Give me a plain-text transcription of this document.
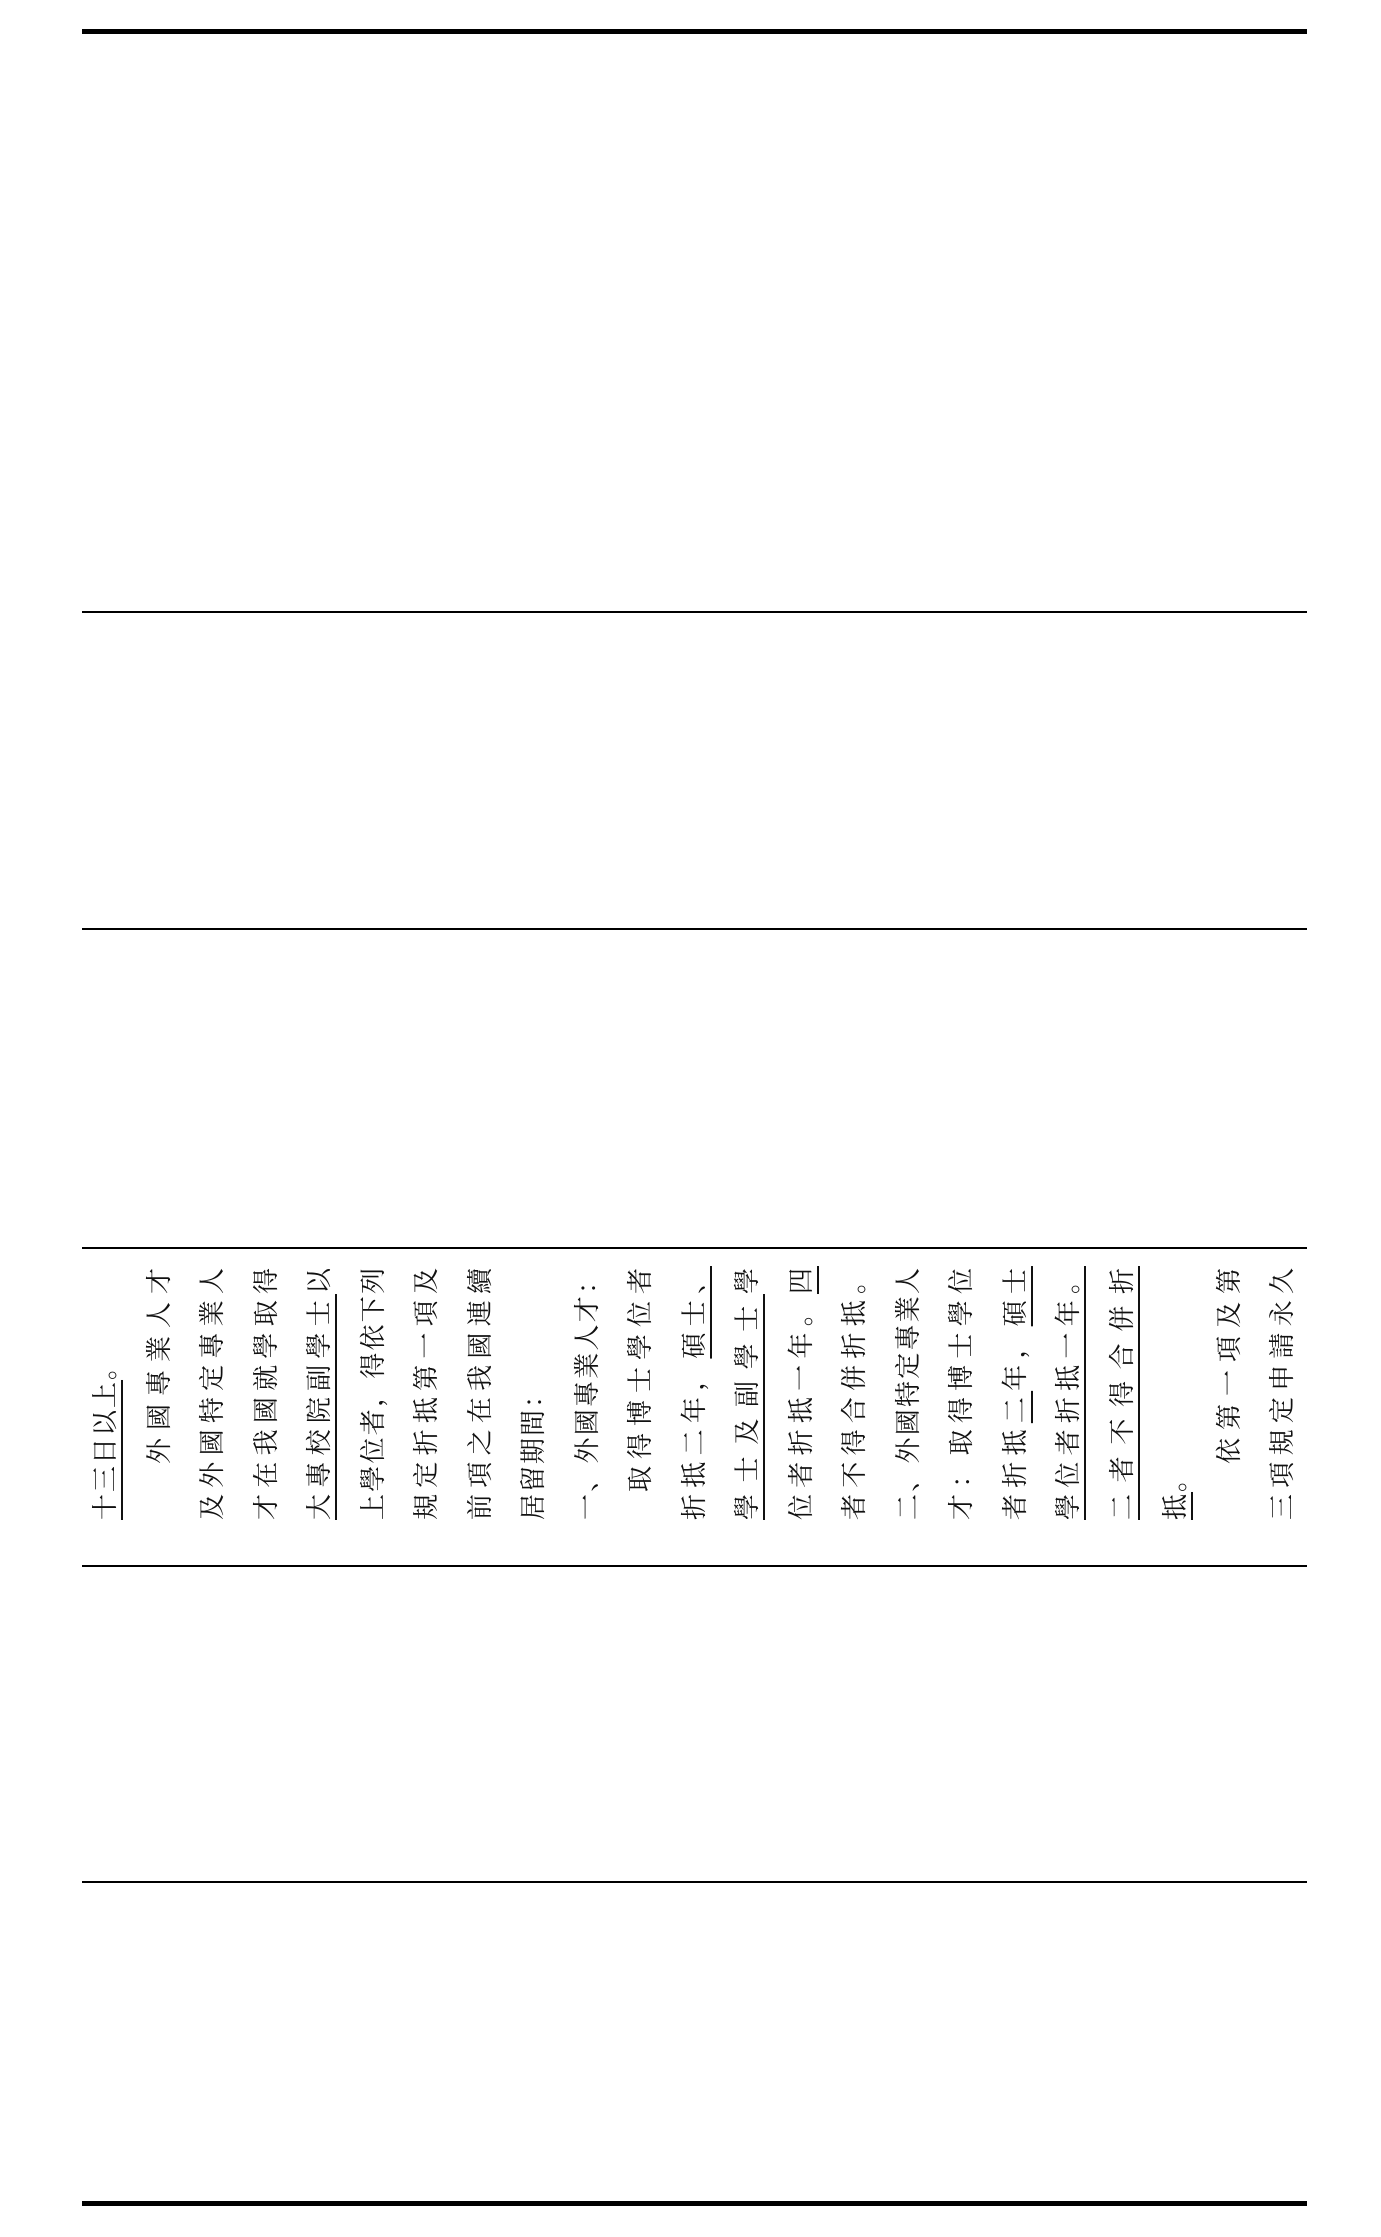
十三日以上。 外國專業人才 及外國特定專業人 才在我國就學取得 大專校院副學士以 上學位者，得依下列 規定折抵第一項及 前項之在我國連續 居留期間： 一、外國專業人才： 取得博士學位者 折抵二年，碩士、 學士及副學士學
位者折抵一年。四 者不得合併折抵。 二、外國特定專業人 才：取得博士學位 者折抵二年，碩士 學位者折抵一年。 二者不得合併折 抵。
依第一項及第 三項規定申請永久
